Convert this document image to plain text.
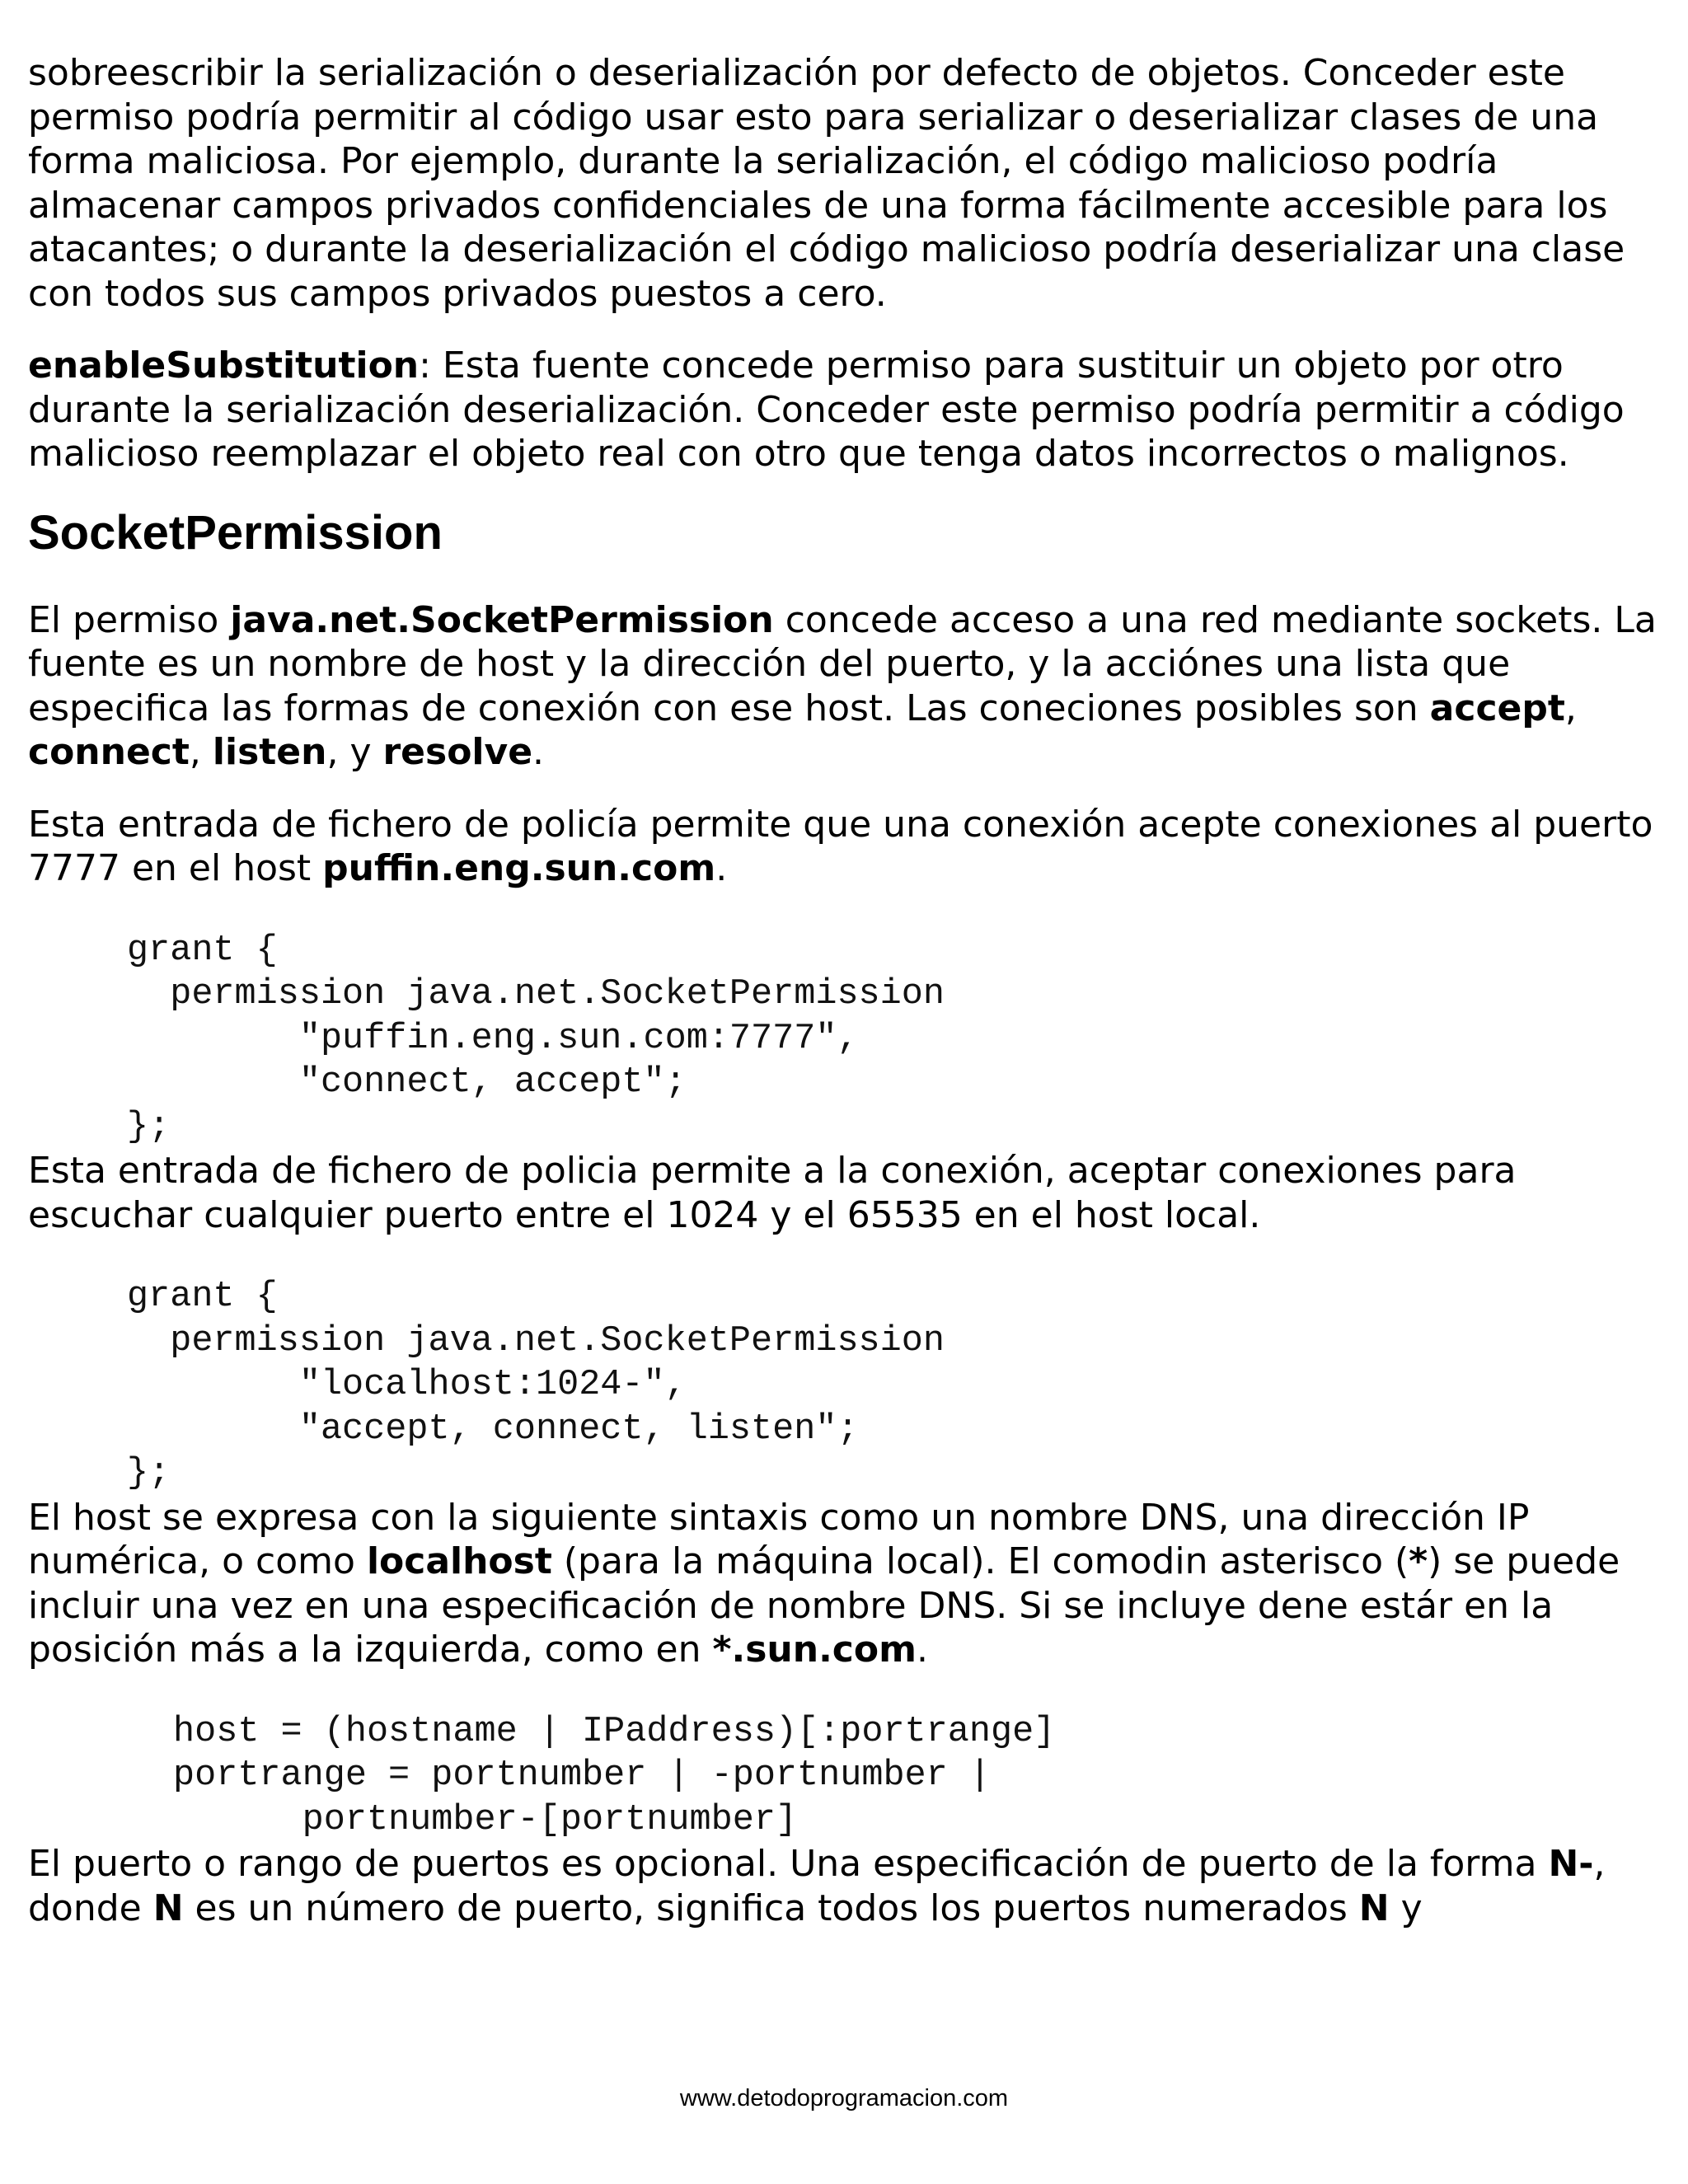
sobreescribir la serialización o deserialización por defecto de objetos. Conceder este permiso podría permitir al código usar esto para serializar o deserializar clases de una forma maliciosa. Por ejemplo, durante la serialización, el código malicioso podría almacenar campos privados confidenciales de una forma fácilmente accesible para los atacantes; o durante la deserialización el código malicioso podría deserializar una clase con todos sus campos privados puestos a cero.

enableSubstitution: Esta fuente concede permiso para sustituir un objeto por otro durante la serialización deserialización. Conceder este permiso podría permitir a código malicioso reemplazar el objeto real con otro que tenga datos incorrectos o malignos.

SocketPermission

El permiso java.net.SocketPermission concede acceso a una red mediante sockets. La fuente es un nombre de host y la dirección del puerto, y la acciónes una lista que especifica las formas de conexión con ese host. Las coneciones posibles son accept, connect, listen, y resolve.

Esta entrada de fichero de policía permite que una conexión acepte conexiones al puerto 7777 en el host puffin.eng.sun.com.

grant {
permission java.net.SocketPermission
"puffin.eng.sun.com:7777",
"connect, accept";
};

Esta entrada de fichero de policia permite a la conexión, aceptar conexiones para escuchar cualquier puerto entre el 1024 y el 65535 en el host local.

grant {
permission java.net.SocketPermission
"localhost:1024-",
"accept, connect, listen";
};

El host se expresa con la siguiente sintaxis como un nombre DNS, una dirección IP numérica, o como localhost (para la máquina local). El comodin asterisco (*) se puede incluir una vez en una especificación de nombre DNS. Si se incluye dene estár en la posición más a la izquierda, como en *.sun.com.

host = (hostname | IPaddress)[:portrange]
portrange = portnumber | -portnumber |
portnumber-[portnumber]

El puerto o rango de puertos es opcional. Una especificación de puerto de la forma N-, donde N es un número de puerto, significa todos los puertos numerados N y

www.detodoprogramacion.com
